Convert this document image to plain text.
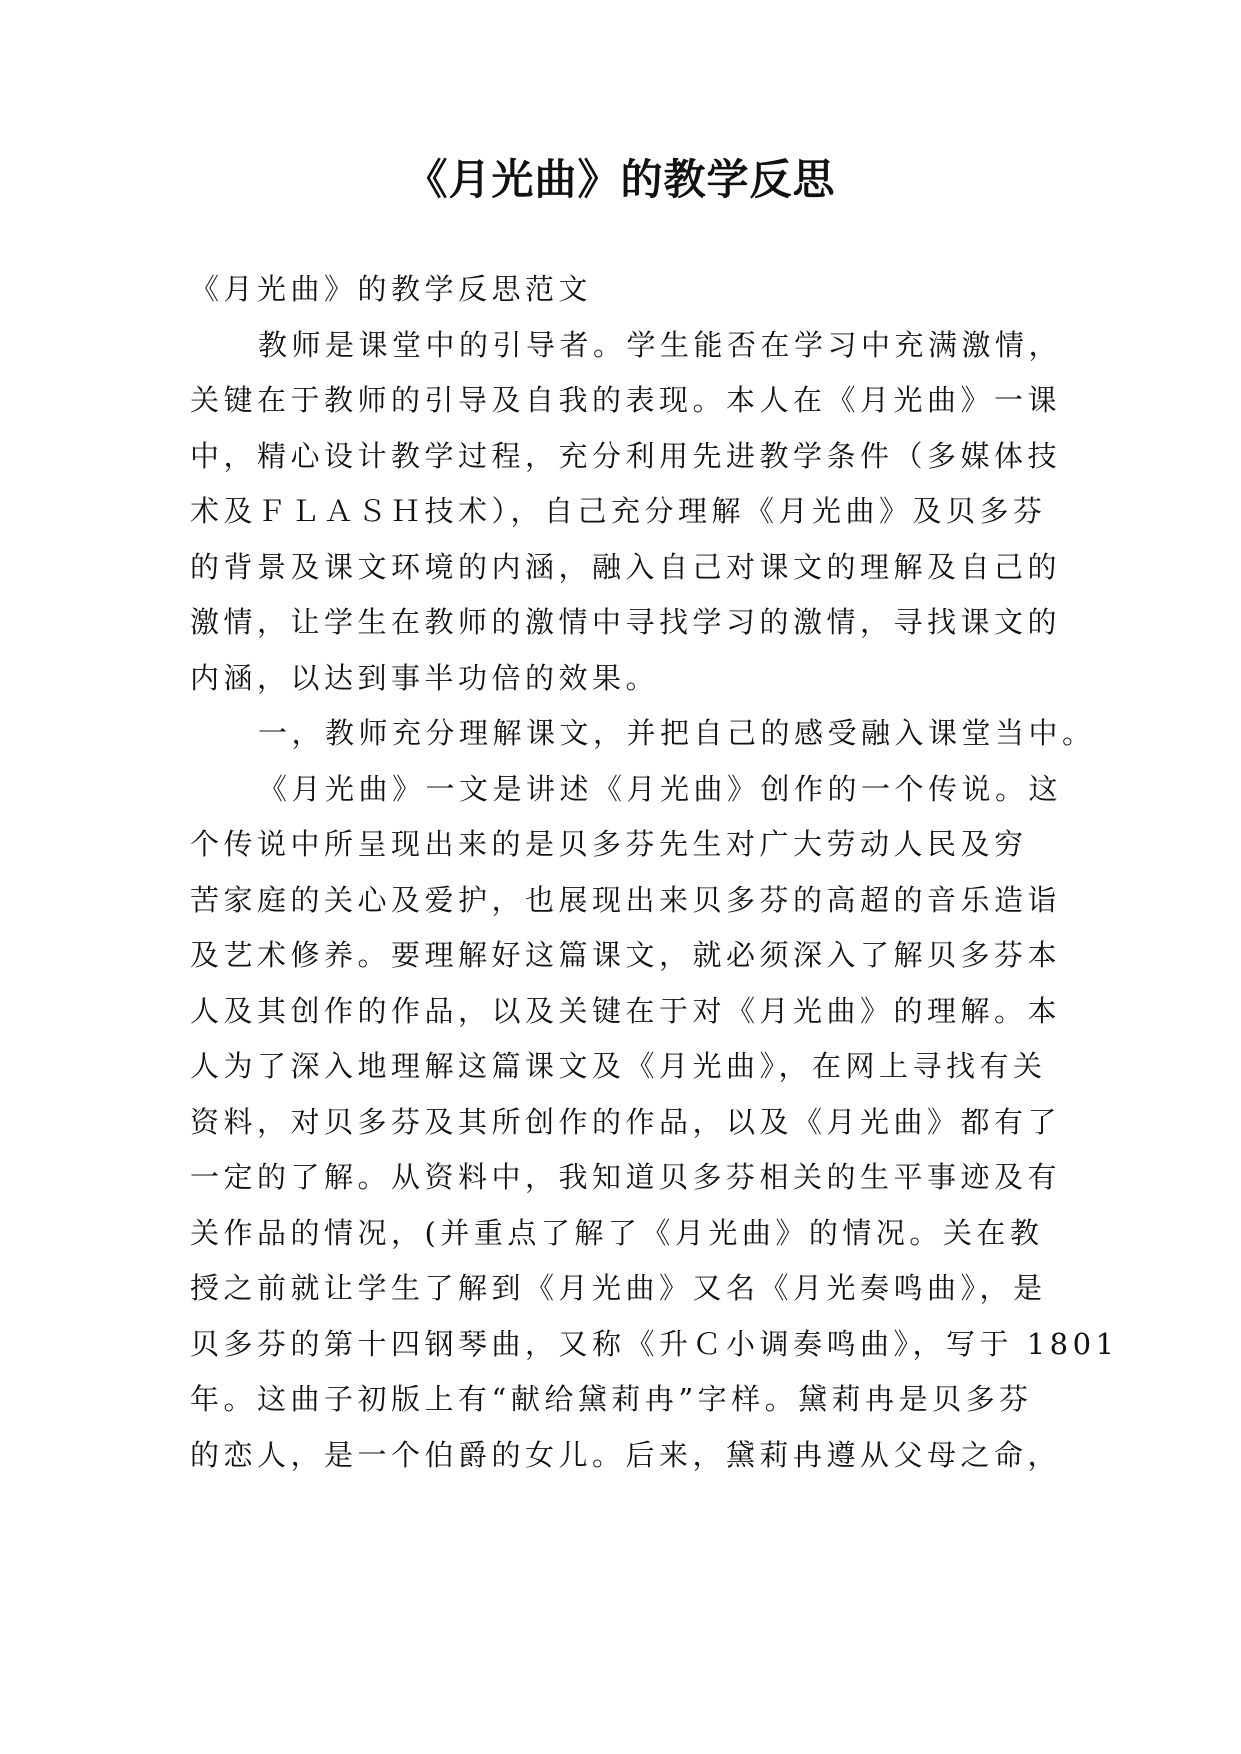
《月光曲》的教学反思
《月光曲》的教学反思范文
教师是课堂中的引导者。学生能否在学习中充满激情，
关键在于教师的引导及自我的表现。本人在《月光曲》一课
中，精心设计教学过程，充分利用先进教学条件（多媒体技
术及ＦＬＡＳＨ技术），自己充分理解《月光曲》及贝多芬
的背景及课文环境的内涵，融入自己对课文的理解及自己的
激情，让学生在教师的激情中寻找学习的激情，寻找课文的
内涵，以达到事半功倍的效果。
一，教师充分理解课文，并把自己的感受融入课堂当中。
《月光曲》一文是讲述《月光曲》创作的一个传说。这
个传说中所呈现出来的是贝多芬先生对广大劳动人民及穷
苦家庭的关心及爱护，也展现出来贝多芬的高超的音乐造诣
及艺术修养。要理解好这篇课文，就必须深入了解贝多芬本
人及其创作的作品，以及关键在于对《月光曲》的理解。本
人为了深入地理解这篇课文及《月光曲》，在网上寻找有关
资料，对贝多芬及其所创作的作品，以及《月光曲》都有了
一定的了解。从资料中，我知道贝多芬相关的生平事迹及有
关作品的情况，(并重点了解了《月光曲》的情况。关在教
授之前就让学生了解到《月光曲》又名《月光奏鸣曲》，是
贝多芬的第十四钢琴曲，又称《升Ｃ小调奏鸣曲》，写于 1801
年。这曲子初版上有“献给黛莉冉”字样。黛莉冉是贝多芬
的恋人，是一个伯爵的女儿。后来，黛莉冉遵从父母之命，
